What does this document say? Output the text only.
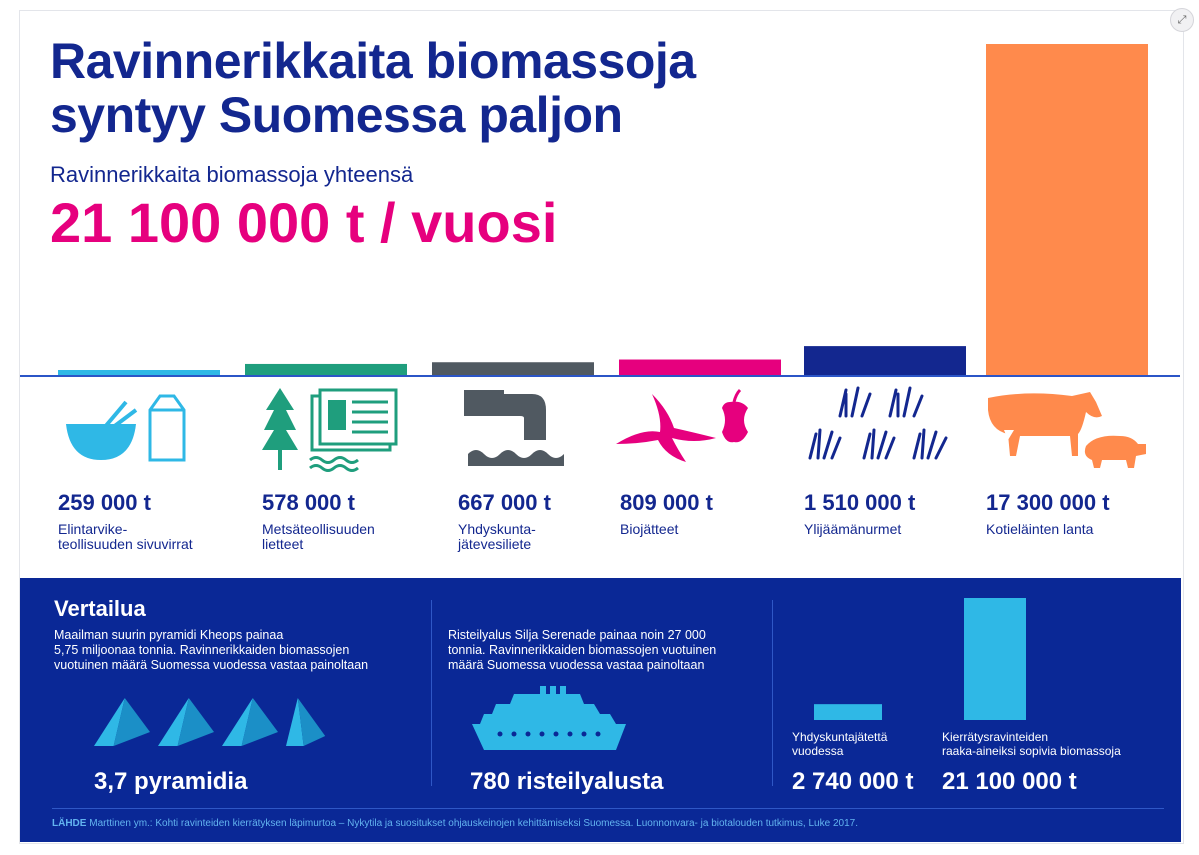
⤢
Ravinnerikkaita biomassoja
syntyy Suomessa paljon
Ravinnerikkaita biomassoja yhteensä
21 100 000 t / vuosi
259 000 t
Elintarvike-
teollisuuden sivuvirrat
578 000 t
Metsäteollisuuden
lietteet
667 000 t
Yhdyskunta-
jätevesiliete
809 000 t
Biojätteet
1 510 000 t
Ylijäämänurmet
17 300 000 t
Kotieläinten lanta
Vertailua
Maailman suurin pyramidi Kheops painaa
5,75 miljoonaa tonnia. Ravinnerikkaiden biomassojen
vuotuinen määrä Suomessa vuodessa vastaa painoltaan
3,7 pyramidia
Risteilyalus Silja Serenade painaa noin 27 000
tonnia. Ravinnerikkaiden biomassojen vuotuinen
määrä Suomessa vuodessa vastaa painoltaan
780 risteilyalusta
Yhdyskuntajätettä
vuodessa
2 740 000 t
Kierrätysravinteiden
raaka-aineiksi sopivia biomassoja
21 100 000 t
LÄHDE Marttinen ym.: Kohti ravinteiden kierrätyksen läpimurtoa – Nykytila ja suositukset ohjauskeinojen kehittämiseksi Suomessa. Luonnonvara- ja biotalouden tutkimus, Luke 2017.
